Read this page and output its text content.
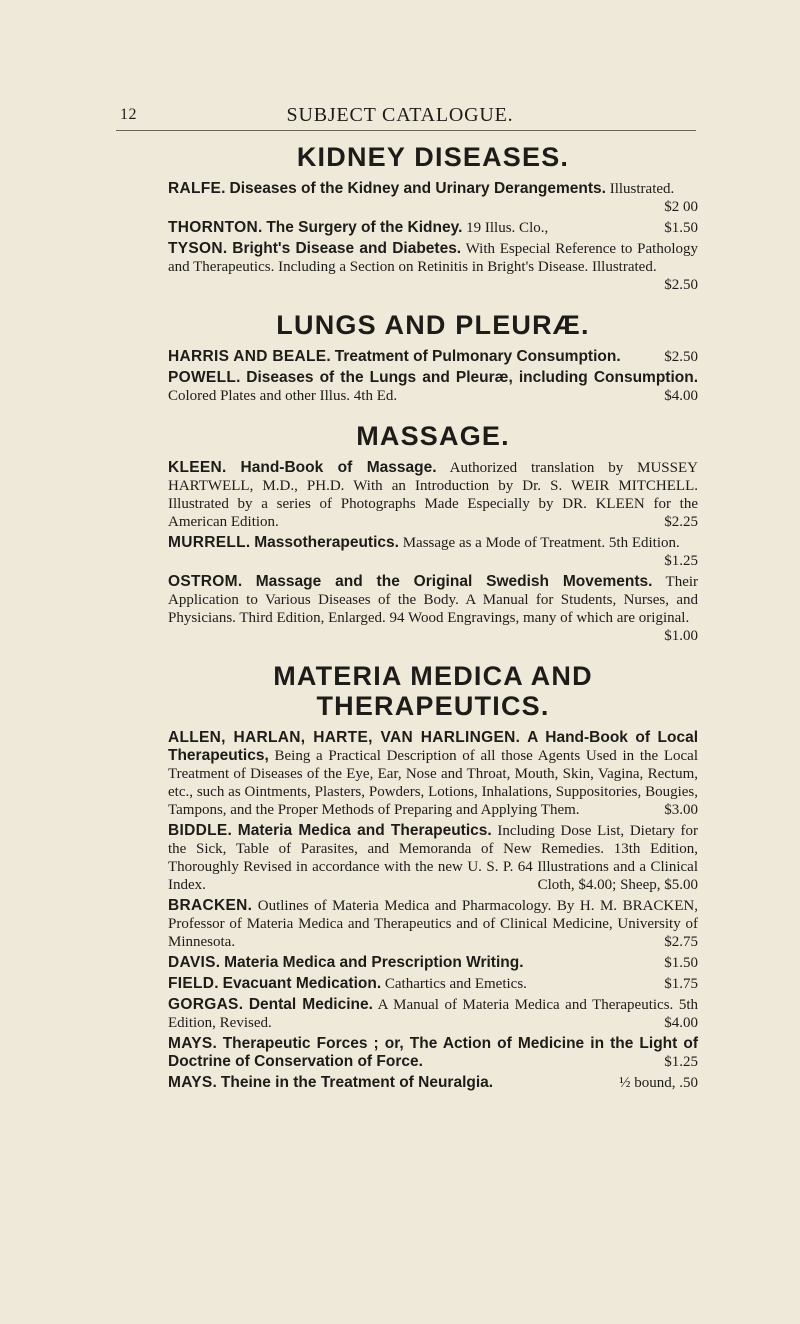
12	SUBJECT CATALOGUE.
KIDNEY DISEASES.
RALFE. Diseases of the Kidney and Urinary Derangements. Illustrated.
$2 00
THORNTON. The Surgery of the Kidney. 19 Illus. Clo.,	$1.50
TYSON. Bright's Disease and Diabetes. With Especial Reference to Pathology and Therapeutics. Including a Section on Retinitis in Bright's Disease. Illustrated.
$2.50
LUNGS AND PLEURÆ.
HARRIS AND BEALE. Treatment of Pulmonary Consumption.	$2.50
POWELL. Diseases of the Lungs and Pleuræ, including Consumption. Colored Plates and other Illus. 4th Ed.	$4.00
MASSAGE.
KLEEN. Hand-Book of Massage. Authorized translation by MUSSEY HARTWELL, M.D., PH.D. With an Introduction by Dr. S. WEIR MITCHELL. Illustrated by a series of Photographs Made Especially by DR. KLEEN for the American Edition.	$2.25
MURRELL. Massotherapeutics. Massage as a Mode of Treatment. 5th Edition.
$1.25
OSTROM. Massage and the Original Swedish Movements. Their Application to Various Diseases of the Body. A Manual for Students, Nurses, and Physicians. Third Edition, Enlarged. 94 Wood Engravings, many of which are original.
$1.00
MATERIA MEDICA AND THERAPEUTICS.
ALLEN, HARLAN, HARTE, VAN HARLINGEN. A Hand-Book of Local Therapeutics, Being a Practical Description of all those Agents Used in the Local Treatment of Diseases of the Eye, Ear, Nose and Throat, Mouth, Skin, Vagina, Rectum, etc., such as Ointments, Plasters, Powders, Lotions, Inhalations, Suppositories, Bougies, Tampons, and the Proper Methods of Preparing and Applying Them.	$3.00
BIDDLE. Materia Medica and Therapeutics. Including Dose List, Dietary for the Sick, Table of Parasites, and Memoranda of New Remedies. 13th Edition, Thoroughly Revised in accordance with the new U. S. P. 64 Illustrations and a Clinical Index.	Cloth, $4.00; Sheep, $5.00
BRACKEN. Outlines of Materia Medica and Pharmacology. By H. M. BRACKEN, Professor of Materia Medica and Therapeutics and of Clinical Medicine, University of Minnesota.	$2.75
DAVIS. Materia Medica and Prescription Writing.	$1.50
FIELD. Evacuant Medication. Cathartics and Emetics.	$1.75
GORGAS. Dental Medicine. A Manual of Materia Medica and Therapeutics. 5th Edition, Revised.	$4.00
MAYS. Therapeutic Forces ; or, The Action of Medicine in the Light of Doctrine of Conservation of Force.	$1.25
MAYS. Theine in the Treatment of Neuralgia.	½ bound, .50
